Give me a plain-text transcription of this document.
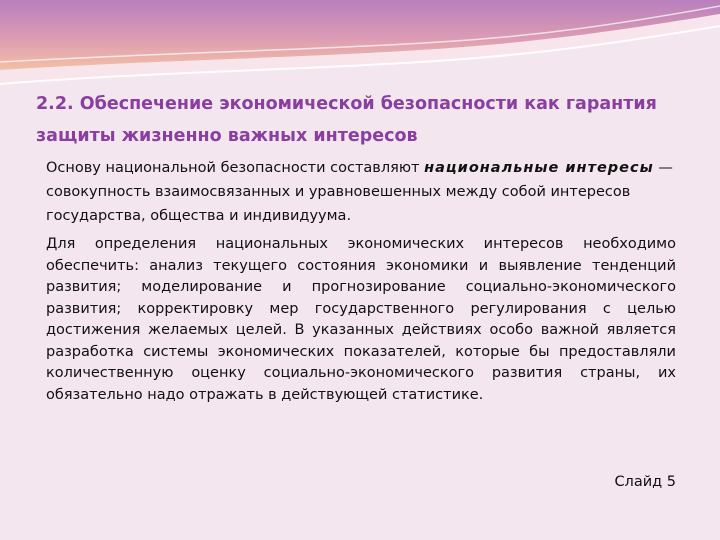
2.2. Обеспечение экономической безопасности как гарантия защиты жизненно важных интересов

Основу национальной безопасности составляют национальные интересы — совокупность взаимосвязанных и уравновешенных между собой интересов государства, общества и индивидуума.

Для определения национальных экономических интересов необходимо обеспечить: анализ текущего состояния экономики и выявление тенденций развития; моделирование и прогнозирование социально-экономического развития; корректировку мер государственного регулирования с целью достижения желаемых целей. В указанных действиях особо важной является разработка системы экономических показателей, которые бы предоставляли количественную оценку социально-экономического развития страны, их обязательно надо отражать в действующей статистике.

Слайд 5
